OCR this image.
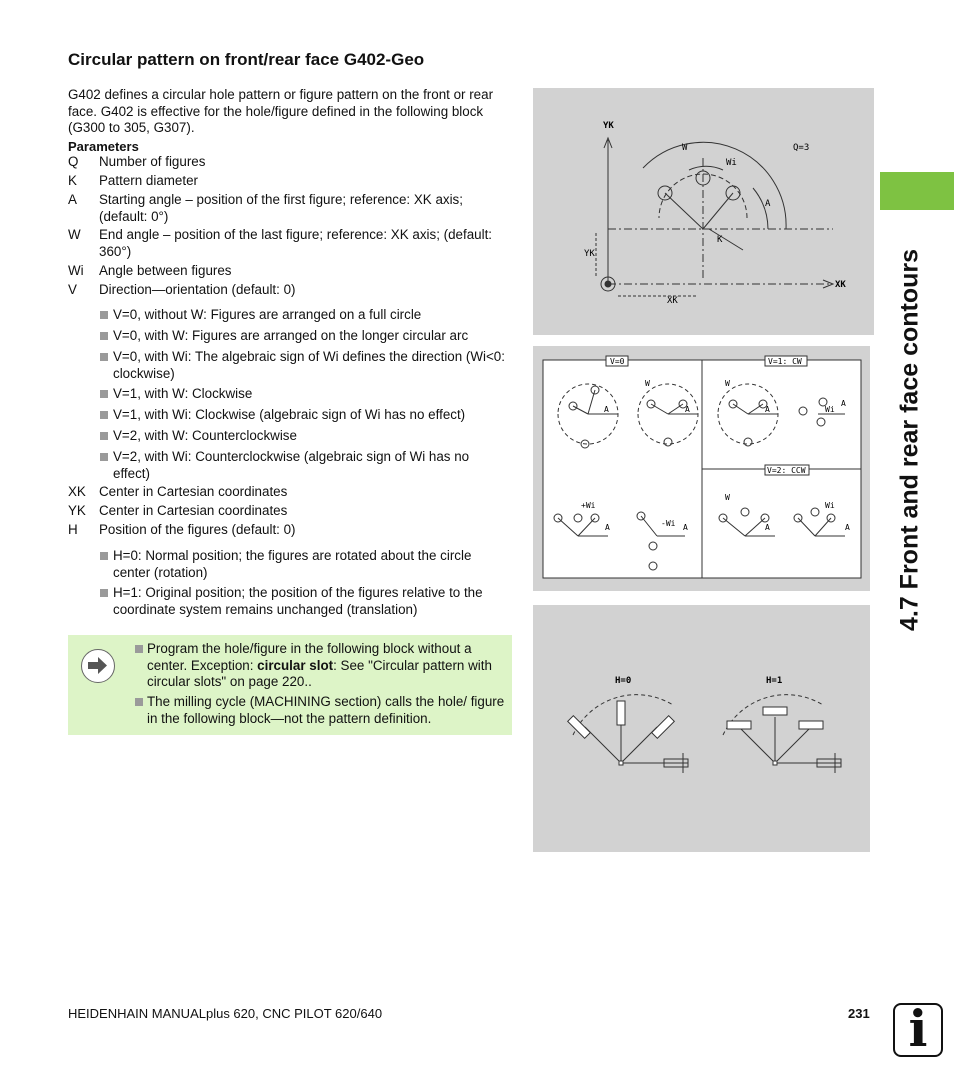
Circular pattern on front/rear face G402-Geo

G402 defines a circular hole pattern or figure pattern on the front or rear face. G402 is effective for the hole/figure defined in the following block (G300 to 305, G307).

Parameters
Q Number of figures
K Pattern diameter
A Starting angle – position of the first figure; reference: XK axis; (default: 0°)
W End angle – position of the last figure; reference: XK axis; (default: 360°)
Wi Angle between figures
V Direction—orientation (default: 0)
V=0, without W: Figures are arranged on a full circle
V=0, with W: Figures are arranged on the longer circular arc
V=0, with Wi: The algebraic sign of Wi defines the direction (Wi<0: clockwise)
V=1, with W: Clockwise
V=1, with Wi: Clockwise (algebraic sign of Wi has no effect)
V=2, with W: Counterclockwise
V=2, with Wi: Counterclockwise (algebraic sign of Wi has no effect)
XK Center in Cartesian coordinates
YK Center in Cartesian coordinates
H Position of the figures (default: 0)
H=0: Normal position; the figures are rotated about the circle center (rotation)
H=1: Original position; the position of the figures relative to the coordinate system remains unchanged (translation)
Program the hole/figure in the following block without a center. Exception: circular slot: See "Circular pattern with circular slots" on page 220..
The milling cycle (MACHINING section) calls the hole/ figure in the following block—not the pattern definition.
YK
XK
W
Wi
A
K
Q=3
YK
XK
V=0	V=1: CW
V=2: CCW
A
W
A
W
A	Wi
A
+Wi
A	-Wi A
W
A
Wi
A
H=0	H=1
4.7 Front and rear face contours
HEIDENHAIN MANUALplus 620, CNC PILOT 620/640	231 i
